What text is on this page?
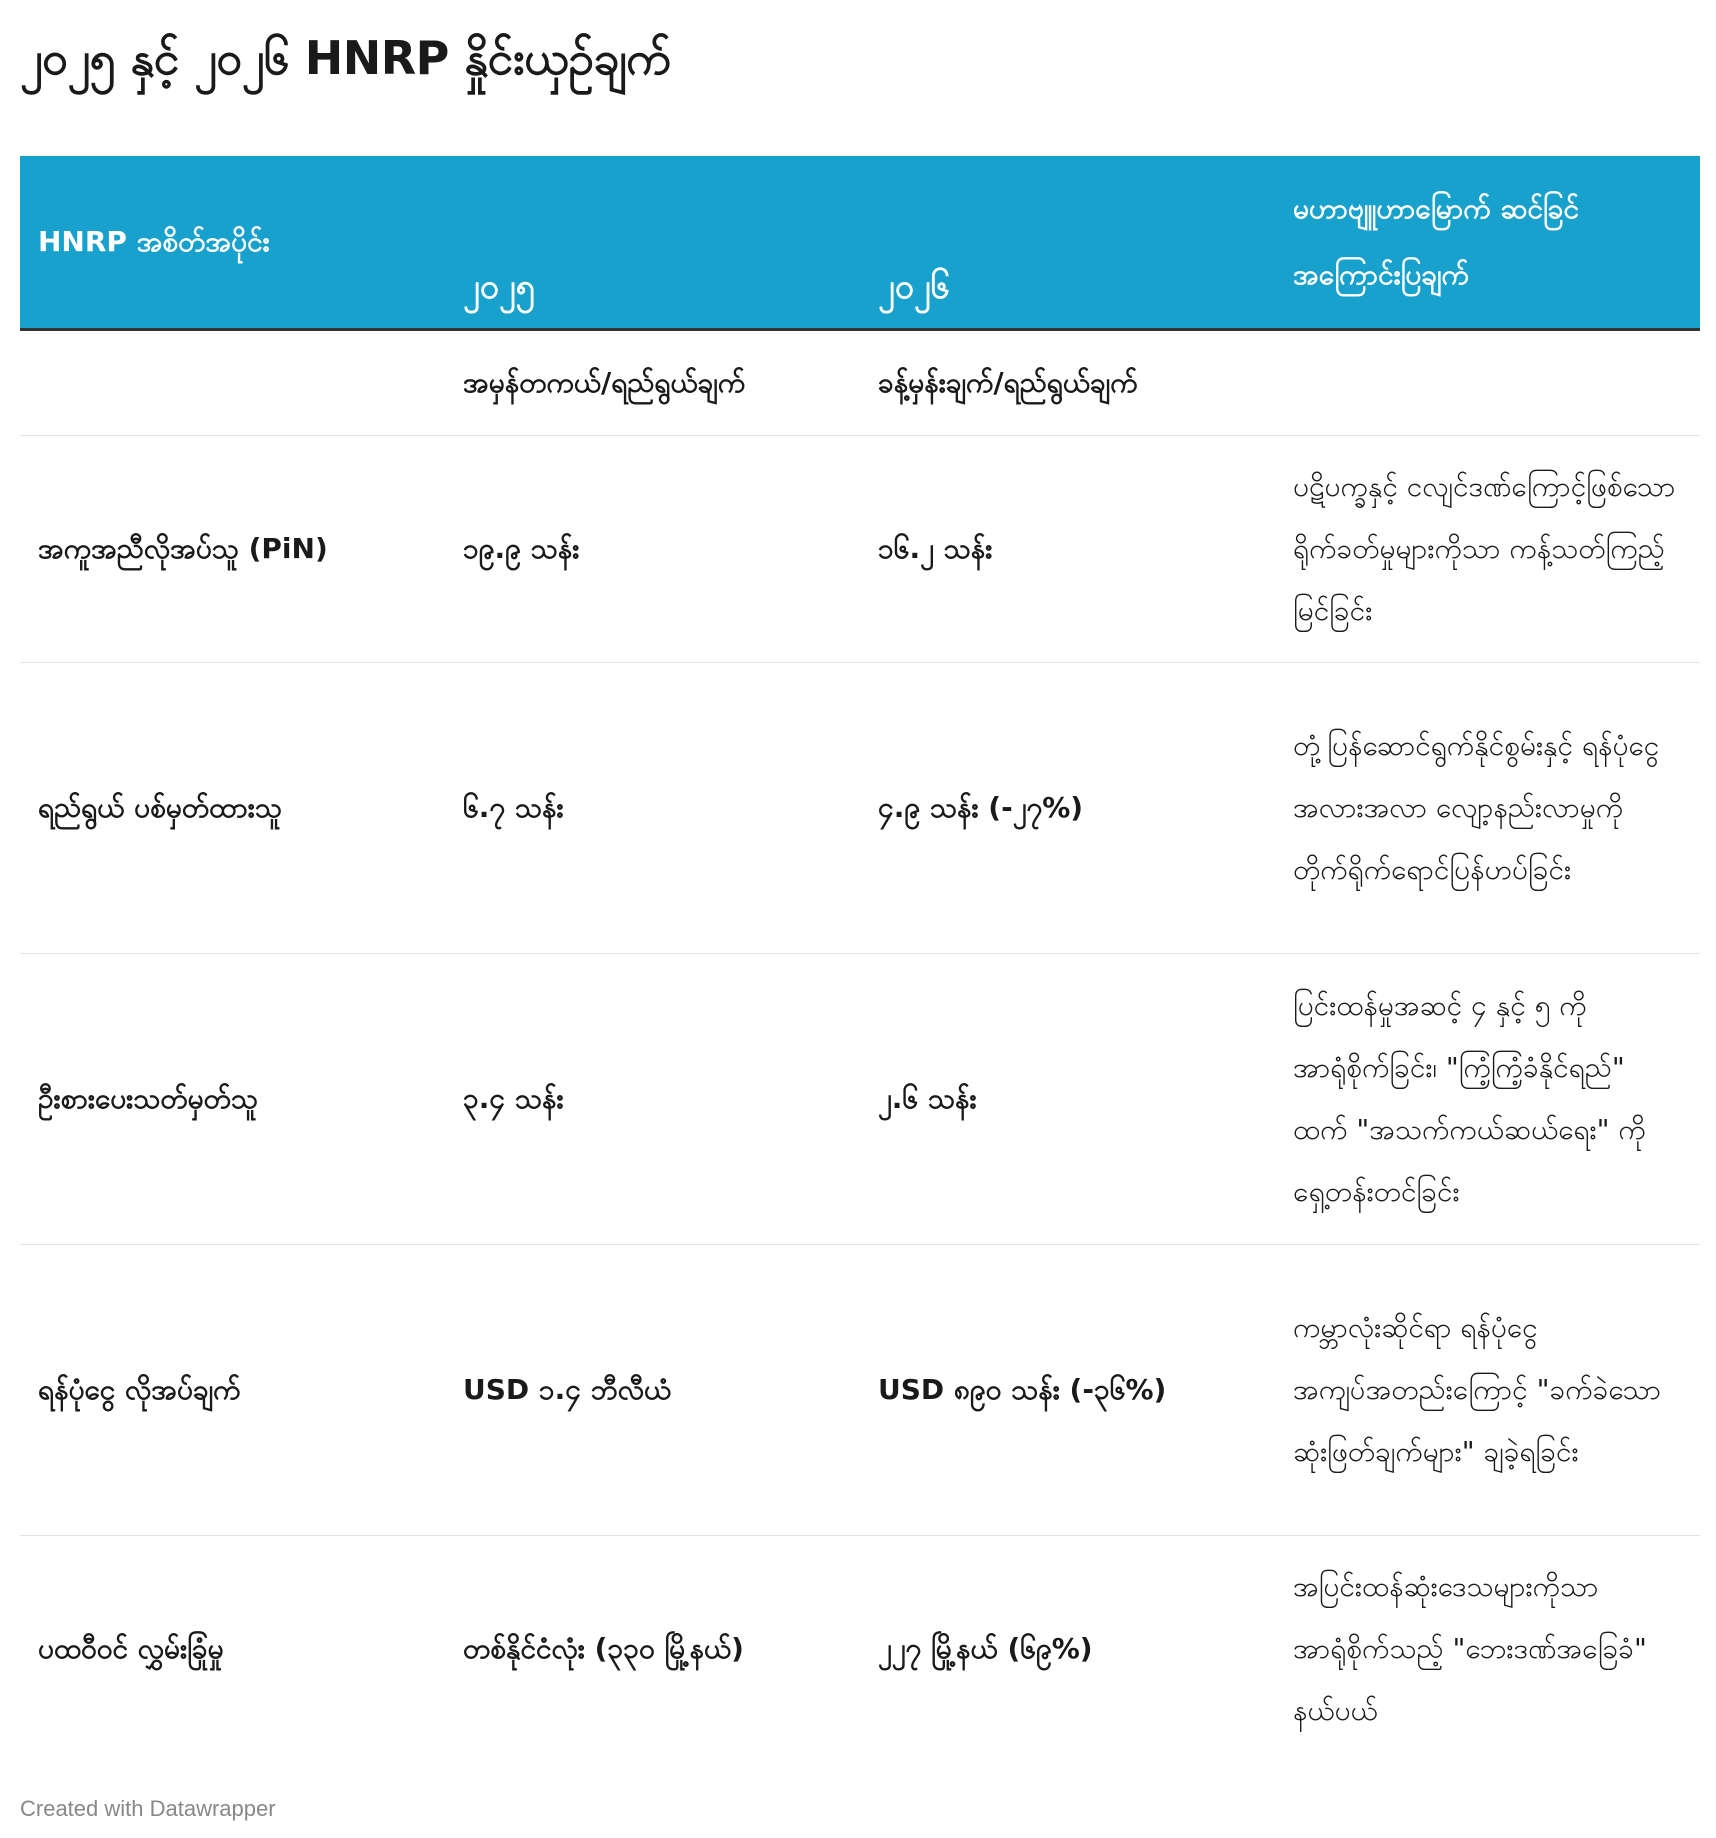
၂၀၂၅ နှင့် ၂၀၂၆ HNRP နှိုင်းယှဉ်ချက်
HNRP အစိတ်အပိုင်း	၂၀၂၅	၂၀၂၆	မဟာဗျူဟာမြောက် ဆင်ခြင် အကြောင်းပြချက်
	အမှန်တကယ်/ရည်ရွယ်ချက်	ခန့်မှန်းချက်/ရည်ရွယ်ချက်	
အကူအညီလိုအပ်သူ (PiN)	၁၉.၉ သန်း	၁၆.၂ သန်း	ပဋိပက္ခနှင့် ငလျင်ဒဏ်ကြောင့်ဖြစ်သော ရိုက်ခတ်မှုများကိုသာ ကန့်သတ်ကြည့်မြင်ခြင်း
ရည်ရွယ် ပစ်မှတ်ထားသူ	၆.၇ သန်း	၄.၉ သန်း (-၂၇%)	တုံ့ပြန်ဆောင်ရွက်နိုင်စွမ်းနှင့် ရန်ပုံငွေအလားအလာ လျော့နည်းလာမှုကို တိုက်ရိုက်ရောင်ပြန်ဟပ်ခြင်း
ဦးစားပေးသတ်မှတ်သူ	၃.၄ သန်း	၂.၆ သန်း	ပြင်းထန်မှုအဆင့် ၄ နှင့် ၅ ကို အာရုံစိုက်ခြင်း၊ "ကြံ့ကြံ့ခံနိုင်ရည်" ထက် "အသက်ကယ်ဆယ်ရေး" ကို ရှေ့တန်းတင်ခြင်း
ရန်ပုံငွေ လိုအပ်ချက်	USD ၁.၄ ဘီလီယံ	USD ၈၉၀ သန်း (-၃၆%)	ကမ္ဘာလုံးဆိုင်ရာ ရန်ပုံငွေ အကျပ်အတည်းကြောင့် "ခက်ခဲသော ဆုံးဖြတ်ချက်များ" ချခဲ့ရခြင်း
ပထဝီဝင် လွှမ်းခြုံမှု	တစ်နိုင်ငံလုံး (၃၃၀ မြို့နယ်)	၂၂၇ မြို့နယ် (၆၉%)	အပြင်းထန်ဆုံးဒေသများကိုသာ အာရုံစိုက်သည့် "ဘေးဒဏ်အခြေခံ" နယ်ပယ်
Created with Datawrapper
